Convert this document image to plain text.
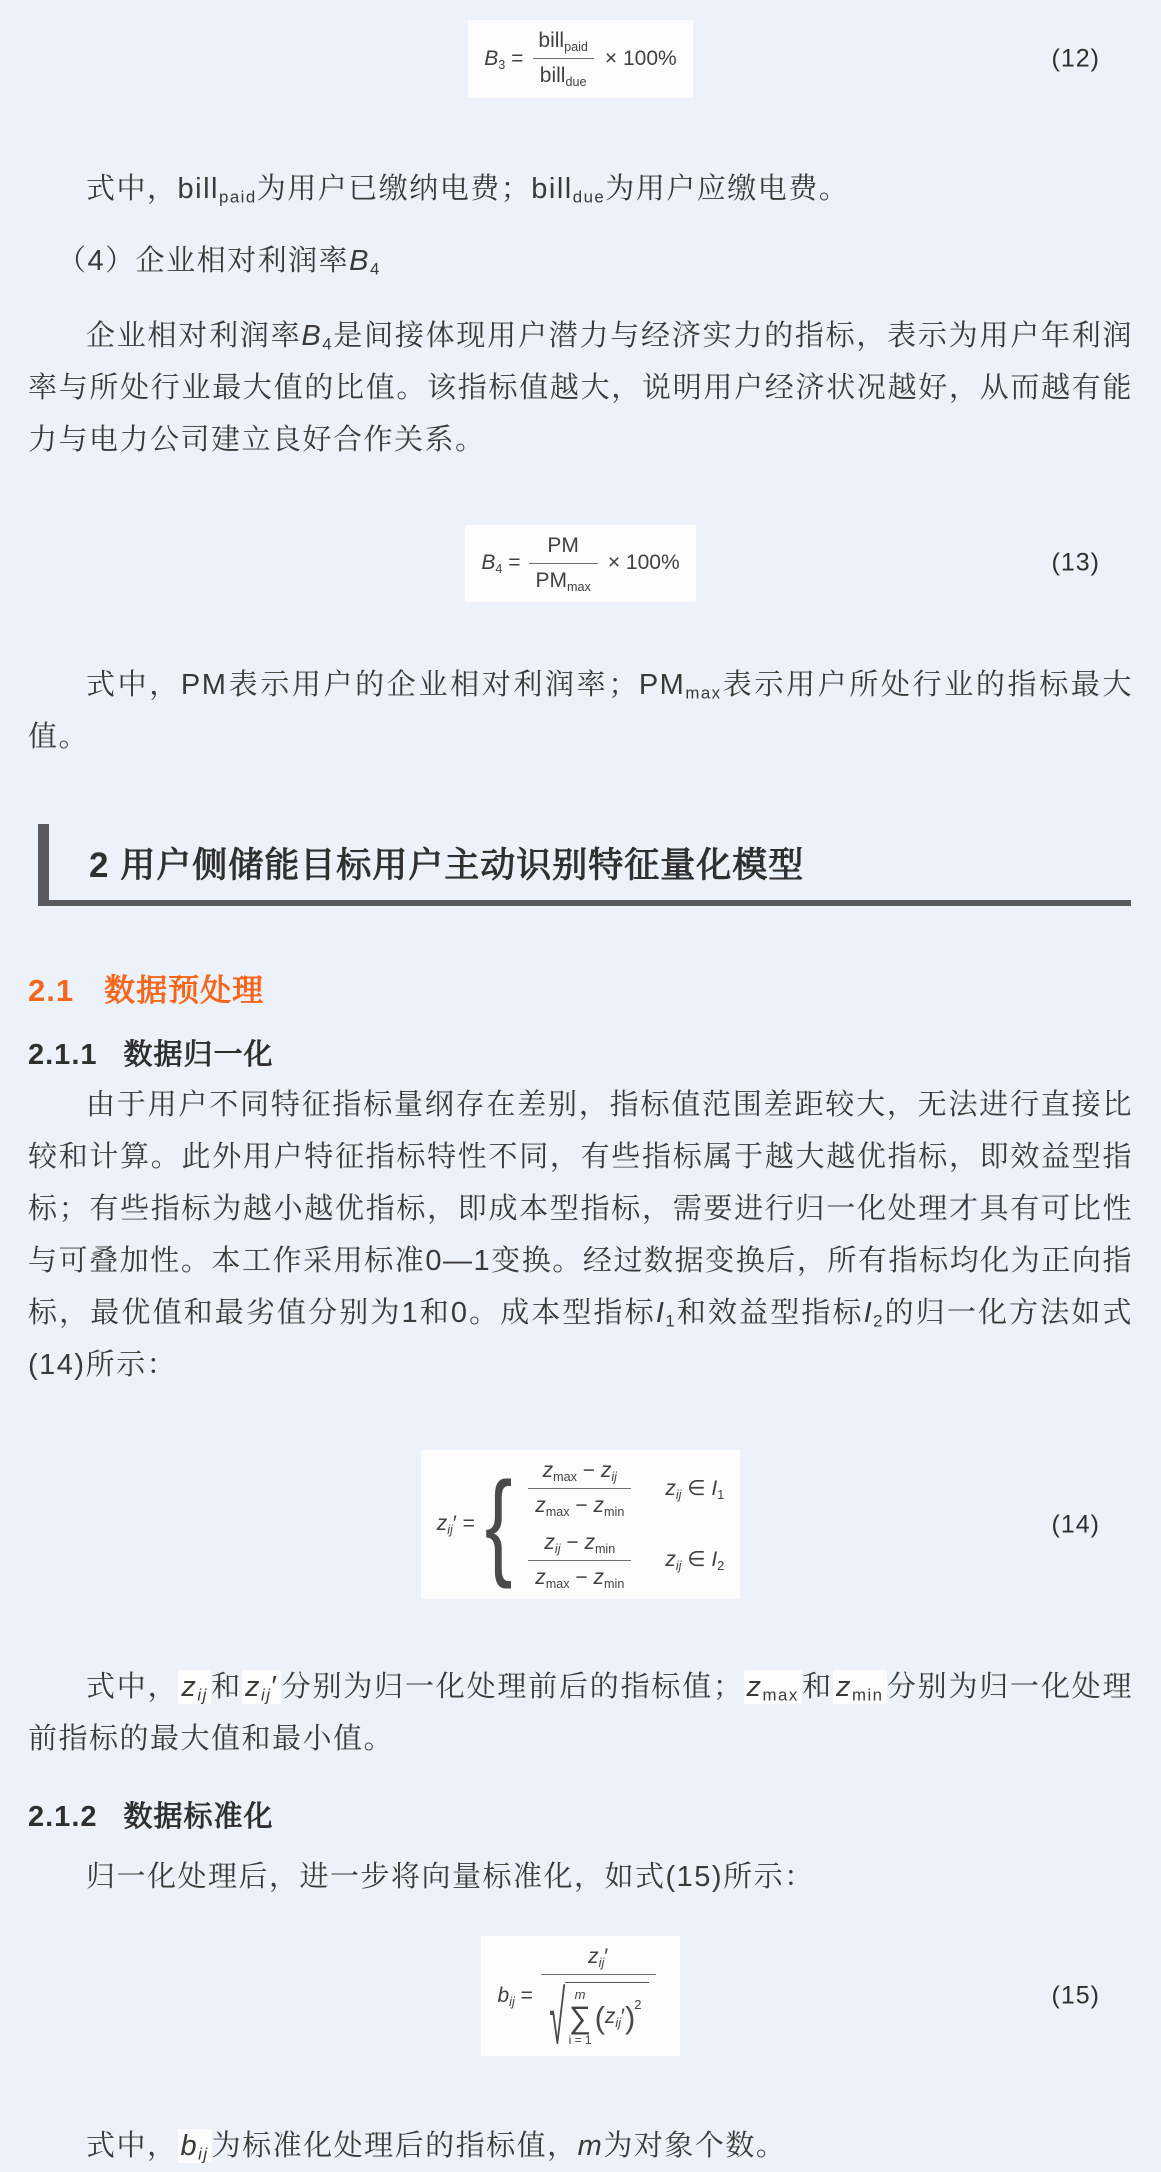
$B_3 = \frac{bill_{paid}}{bill_{due}} \times 100\%$	(12)

式中，bill$_{paid}$为用户已缴纳电费；bill$_{due}$为用户应缴电费。

（4）企业相对利润率$B_4$

企业相对利润率$B_4$是间接体现用户潜力与经济实力的指标，表示为用户年利润率与所处行业最大值的比值。该指标值越大，说明用户经济状况越好，从而越有能力与电力公司建立良好合作关系。

$B_4 = \frac{PM}{PM_{max}} \times 100\%$	(13)

式中，PM表示用户的企业相对利润率；$PM_{max}$表示用户所处行业的指标最大值。

2 用户侧储能目标用户主动识别特征量化模型
2.1 数据预处理
2.1.1 数据归一化

由于用户不同特征指标量纲存在差别，指标值范围差距较大，无法进行直接比较和计算。此外用户特征指标特性不同，有些指标属于越大越优指标，即效益型指标；有些指标为越小越优指标，即成本型指标，需要进行归一化处理才具有可比性与可叠加性。本工作采用标准0—1变换。经过数据变换后，所有指标均化为正向指标，最优值和最劣值分别为1和0。成本型指标$I_1$和效益型指标$I_2$的归一化方法如式(14)所示：

$z_{ij}'$ = { $\frac{z_{max} - z_{ij}}{z_{max} - z_{min}} z_{ij}$ ∈ $I_1$
$\frac{z_{ij} - z_{min}}{z_{max} - z_{min}} z_{ij}$ ∈ $I_2$
(14)

式中， $z_{ij}$ 和 $z_{ij}'$ 分别为归一化处理前后的指标值； $z_{max}$ 和 $z_{min}$ 分别为归一化处理前指标的最大值和最小值。

2.1.2 数据标准化

归一化处理后，进一步将向量标准化，如式(15)所示：

$b_{ij}$ =
$z_{ij}'$
√ m
∑
i = 1
( $z_{ij}'$ )$^2$	(15)

式中， $b_{ij}$ 为标准化处理后的指标值，m为对象个数。
